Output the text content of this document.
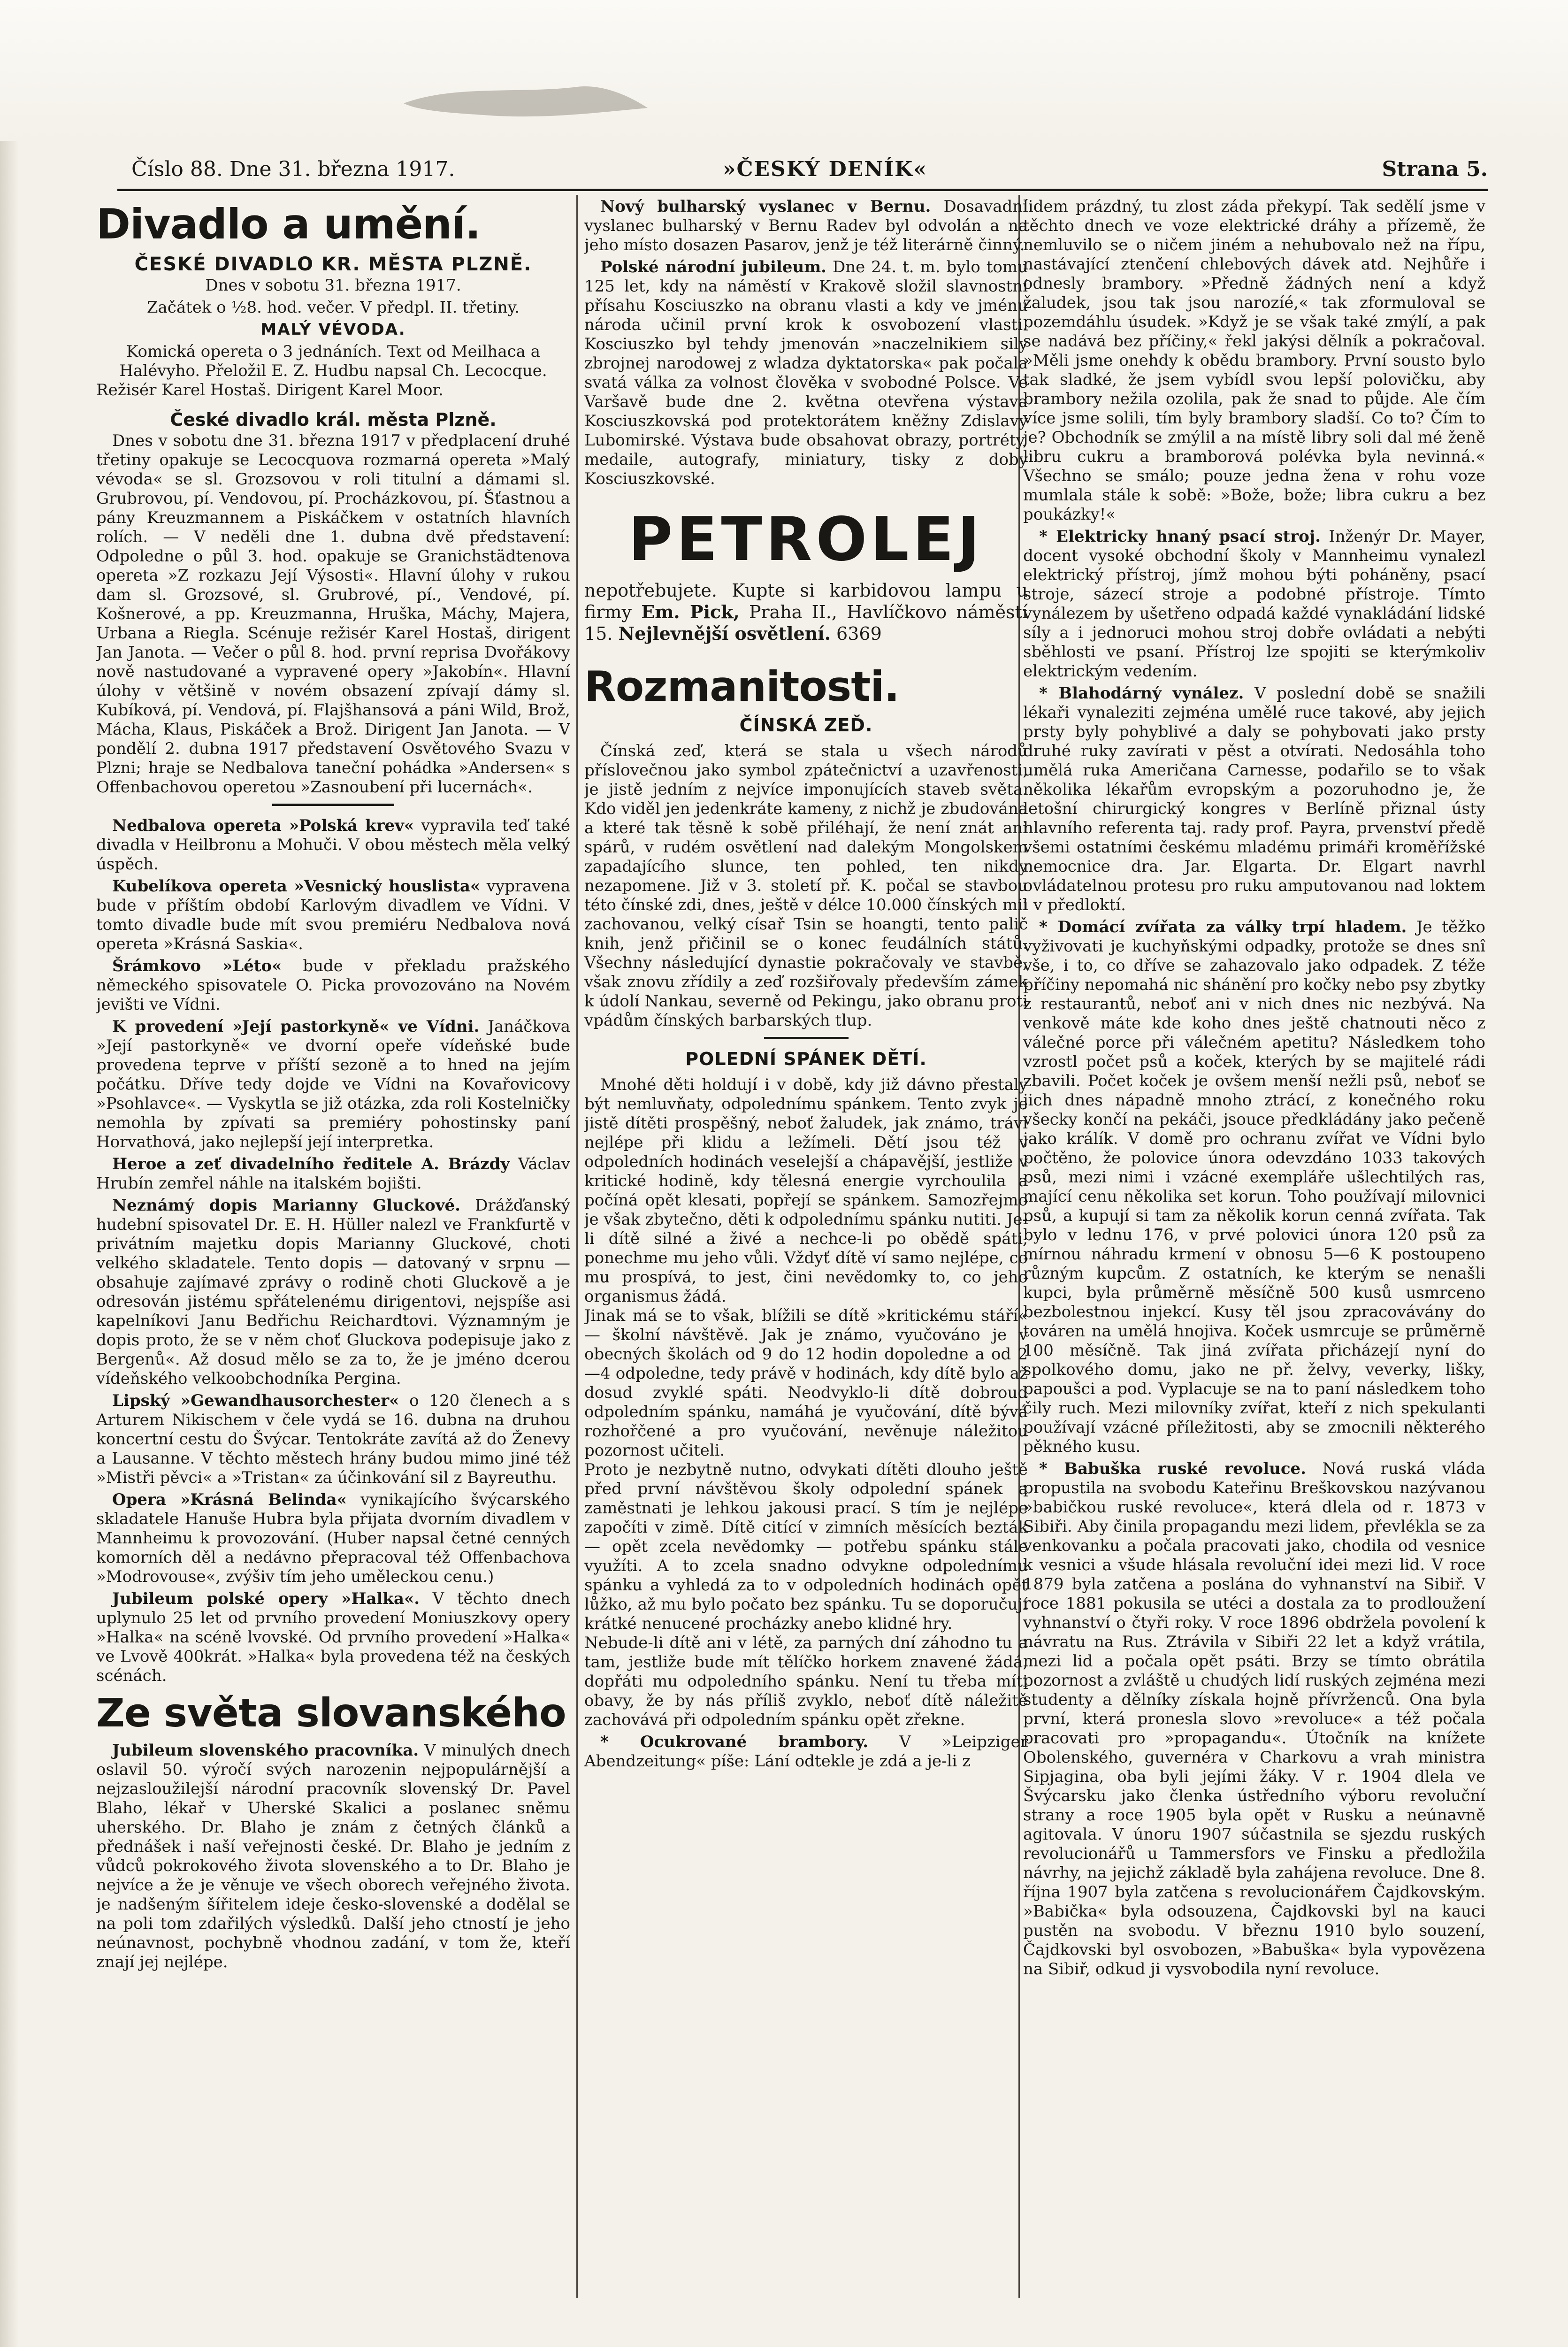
Číslo 88. Dne 31. března 1917.	»ČESKÝ DENÍK«	Strana 5.
Divadlo a umění.
ČESKÉ DIVADLO KR. MĚSTA PLZNĚ.

Dnes v sobotu 31. března 1917.

Začátek o ½8. hod. večer. V předpl. II. třetiny.

MALÝ VÉVODA.

Komická opereta o 3 jednáních. Text od Meilhaca a Halévyho. Přeložil E. Z. Hudbu napsal Ch. Lecocque.

Režisér Karel Hostaš. Dirigent Karel Moor.

České divadlo král. města Plzně.

Dnes v sobotu dne 31. března 1917 v předplacení druhé třetiny opakuje se Lecocquova rozmarná opereta »Malý vévoda« se sl. Grozsovou v roli titulní a dámami sl. Grubrovou, pí. Vendovou, pí. Procházkovou, pí. Šťastnou a pány Kreuzmannem a Piskáčkem v ostatních hlavních rolích. — V neděli dne 1. dubna dvě představení: Odpoledne o půl 3. hod. opakuje se Granichstädtenova opereta »Z rozkazu Její Výsosti«. Hlavní úlohy v rukou dam sl. Grozsové, sl. Grubrové, pí., Vendové, pí. Košnerové, a pp. Kreuzmanna, Hruška, Máchy, Majera, Urbana a Riegla. Scénuje režisér Karel Hostaš, dirigent Jan Janota. — Večer o půl 8. hod. první reprisa Dvořákovy nově nastudované a vypravené opery »Jakobín«. Hlavní úlohy v většině v novém obsazení zpívají dámy sl. Kubíková, pí. Vendová, pí. Flajšhansová a páni Wild, Brož, Mácha, Klaus, Piskáček a Brož. Dirigent Jan Janota. — V pondělí 2. dubna 1917 představení Osvětového Svazu v Plzni; hraje se Nedbalova taneční pohádka »Andersen« s Offenbachovou operetou »Zasnoubení při lucernách«.

Nedbalova opereta »Polská krev« vypravila teď také divadla v Heilbronu a Mohuči. V obou městech měla velký úspěch.

Kubelíkova opereta »Vesnický houslista« vypravena bude v příštím období Karlovým divadlem ve Vídni. V tomto divadle bude mít svou premiéru Nedbalova nová opereta »Krásná Saskia«.

Šrámkovo »Léto« bude v překladu pražského německého spisovatele O. Picka provozováno na Novém jevišti ve Vídni.

K provedení »Její pastorkyně« ve Vídni. Janáčkova »Její pastorkyně« ve dvorní opeře vídeňské bude provedena teprve v příští sezoně a to hned na jejím počátku. Dříve tedy dojde ve Vídni na Kovařovicovy »Psohlavce«. — Vyskytla se již otázka, zda roli Kostelničky nemohla by zpívati sa premiéry pohostinsky paní Horvathová, jako nejlepší její interpretka.

Heroe a zeť divadelního ředitele A. Brázdy Václav Hrubín zemřel náhle na italském bojišti.

Neznámý dopis Marianny Gluckové. Drážďanský hudební spisovatel Dr. E. H. Hüller nalezl ve Frankfurtě v privátním majetku dopis Marianny Gluckové, choti velkého skladatele. Tento dopis — datovaný v srpnu — obsahuje zajímavé zprávy o rodině choti Gluckově a je odresován jistému spřátelenému dirigentovi, nejspíše asi kapelníkovi Janu Bedřichu Reichardtovi. Významným je dopis proto, že se v něm choť Gluckova podepisuje jako z Bergenů«. Až dosud mělo se za to, že je jméno dcerou vídeňského velkoobchodníka Pergina.

Lipský »Gewandhausorchester« o 120 členech a s Arturem Nikischem v čele vydá se 16. dubna na druhou koncertní cestu do Švýcar. Tentokráte zavítá až do Ženevy a Lausanne. V těchto městech hrány budou mimo jiné též »Mistři pěvci« a »Tristan« za účinkování sil z Bayreuthu.

Opera »Krásná Belinda« vynikajícího švýcarského skladatele Hanuše Hubra byla přijata dvorním divadlem v Mannheimu k provozování. (Huber napsal četné cenných komorních děl a nedávno přepracoval též Offenbachova »Modrovouse«, zvýšiv tím jeho uměleckou cenu.)

Jubileum polské opery »Halka«. V těchto dnech uplynulo 25 let od prvního provedení Moniuszkovy opery »Halka« na scéně lvovské. Od prvního provedení »Halka« ve Lvově 400krát. »Halka« byla provedena též na českých scénách.

Ze světa slovanského

Jubileum slovenského pracovníka. V minulých dnech oslavil 50. výročí svých narozenin nejpopulárnější a nejzasloužilejší národní pracovník slovenský Dr. Pavel Blaho, lékař v Uherské Skalici a poslanec sněmu uherského. Dr. Blaho je znám z četných článků a přednášek i naší veřejnosti české. Dr. Blaho je jedním z vůdců pokrokového života slovenského a to Dr. Blaho je nejvíce a že je věnuje ve všech oborech veřejného života. je nadšeným šířitelem ideje česko-slovenské a dodělal se na poli tom zdařilých výsledků. Další jeho ctností je jeho neúnavnost, pochybně vhodnou zadání, v tom že, kteří znají jej nejlépe.

Nový bulharský vyslanec v Bernu. Dosavadní vyslanec bulharský v Bernu Radev byl odvolán a na jeho místo dosazen Pasarov, jenž je též literárně činný.

Polské národní jubileum. Dne 24. t. m. bylo tomu 125 let, kdy na náměstí v Krakově složil slavnostní přísahu Kosciuszko na obranu vlasti a kdy ve jménu národa učinil první krok k osvobození vlasti. Kosciuszko byl tehdy jmenován »naczelnikiem sily zbrojnej narodowej z wladza dyktatorska« pak počala svatá válka za volnost člověka v svobodné Polsce. Ve Varšavě bude dne 2. května otevřena výstava Kosciuszkovská pod protektorátem kněžny Zdislavy Lubomirské. Výstava bude obsahovat obrazy, portréty, medaile, autografy, miniatury, tisky z doby Kosciuszkovské.

PETROLEJ
nepotřebujete. Kupte si karbidovou lampu u firmy Em. Pick, Praha II., Havlíčkovo náměstí 15. Nejlevnější osvětlení. 6369
Rozmanitosti.
ČÍNSKÁ ZEĎ.

Čínská zeď, která se stala u všech národů příslovečnou jako symbol zpátečnictví a uzavřenosti, je jistě jedním z nejvíce imponujících staveb světa. Kdo viděl jen jedenkráte kameny, z nichž je zbudována a které tak těsně k sobě přiléhají, že není znát ani spárů, v rudém osvětlení nad dalekým Mongolskem zapadajícího slunce, ten pohled, ten nikdy nezapomene. Již v 3. století př. K. počal se stavbou této čínské zdi, dnes, ještě v délce 10.000 čínských mil zachovanou, velký císař Tsin se hoangti, tento palič knih, jenž přičinil se o konec feudálních států. Všechny následující dynastie pokračovaly ve stavbě, však znovu zřídily a zeď rozšiřovaly především zámek k údolí Nankau, severně od Pekingu, jako obranu proti vpádům čínských barbarských tlup.

POLEDNÍ SPÁNEK DĚTÍ.

Mnohé děti holdují i v době, kdy již dávno přestaly být nemluvňaty, odpolednímu spánkem. Tento zvyk je jistě dítěti prospěšný, neboť žaludek, jak známo, tráví nejlépe při klidu a ležímeli. Dětí jsou též v odpoledních hodinách veselejší a chápavější, jestliže v kritické hodině, kdy tělesná energie vyrchoulila a počíná opět klesati, popřejí se spánkem. Samozřejmo je však zbytečno, děti k odpolednímu spánku nutiti. Je-li dítě silné a živé a nechce-li po obědě spáti, ponechme mu jeho vůli. Vždyť dítě ví samo nejlépe, co mu prospívá, to jest, čini nevědomky to, co jeho organismus žádá.
Jinak má se to však, blížili se dítě »kritickému stáří« — školní návštěvě. Jak je známo, vyučováno je v obecných školách od 9 do 12 hodin dopoledne a od 2—4 odpoledne, tedy právě v hodinách, kdy dítě bylo až dosud zvyklé spáti. Neodvyklo-li dítě dobroud odpoledním spánku, namáhá je vyučování, dítě bývá rozhořčené a pro vyučování, nevěnuje náležitou pozornost učiteli.
Proto je nezbytně nutno, odvykati dítěti dlouho ještě před první návštěvou školy odpolední spánek a zaměstnati je lehkou jakousi prací. S tím je nejlépe započíti v zimě. Dítě citící v zimních měsících bezták — opět zcela nevědomky — potřebu spánku stále využíti. A to zcela snadno odvykne odpolednímu spánku a vyhledá za to v odpoledních hodinách opět lůžko, až mu bylo počato bez spánku. Tu se doporučují krátké nenucené procházky anebo klidné hry.
Nebude-li dítě ani v létě, za parných dní záhodno tu a tam, jestliže bude mít tělíčko horkem znavené žádá, dopřáti mu odpoledního spánku. Není tu třeba míti obavy, že by nás příliš zvyklo, neboť dítě náležitě zachovává při odpoledním spánku opět zřekne.

* Ocukrované brambory. V »Leipziger Abendzeitung« píše: Lání odtekle je zdá a je-li z

lidem prázdný, tu zlost záda překypí. Tak sedělí jsme v těchto dnech ve voze elektrické dráhy a přízemě, že nemluvilo se o ničem jiném a nehubovalo než na řípu, nastávající ztenčení chlebových dávek atd. Nejhůře i odnesly brambory. »Předně žádných není a když žaludek, jsou tak jsou narozíé,« tak zformuloval se pozemdáhlu úsudek. »Když je se však také zmýlí, a pak se nadává bez příčiny,« řekl jakýsi dělník a pokračoval. »Měli jsme onehdy k obědu brambory. První sousto bylo tak sladké, že jsem vybídl svou lepší polovičku, aby brambory nežila ozolila, pak že snad to půjde. Ale čím více jsme solili, tím byly brambory sladší. Co to? Čím to je? Obchodník se zmýlil a na místě libry soli dal mé ženě libru cukru a bramborová polévka byla nevinná.« Všechno se smálo; pouze jedna žena v rohu voze mumlala stále k sobě: »Bože, bože; libra cukru a bez poukázky!«

* Elektricky hnaný psací stroj. Inženýr Dr. Mayer, docent vysoké obchodní školy v Mannheimu vynalezl elektrický přístroj, jímž mohou býti poháněny, psací stroje, sázecí stroje a podobné přístroje. Tímto vynálezem by ušetřeno odpadá každé vynakládání lidské síly a i jednoruci mohou stroj dobře ovládati a nebýti sběhlosti ve psaní. Přístroj lze spojiti se kterýmkoliv elektrickým vedením.

* Blahodárný vynález. V poslední době se snažili lékaři vynaleziti zejména umělé ruce takové, aby jejich prsty byly pohyblivé a daly se pohybovati jako prsty druhé ruky zavírati v pěst a otvírati. Nedosáhla toho umělá ruka Američana Carnesse, podařilo se to však několika lékařům evropským a pozoruhodno je, že letošní chirurgický kongres v Berlíně přiznal ústy hlavního referenta taj. rady prof. Payra, prvenství předě všemi ostatními českému mladému primáři kroměřížské nemocnice dra. Jar. Elgarta. Dr. Elgart navrhl ovládatelnou protesu pro ruku amputovanou nad loktem i v předloktí.

* Domácí zvířata za války trpí hladem. Je těžko vyživovati je kuchyňskými odpadky, protože se dnes snî vše, i to, co dříve se zahazovalo jako odpadek. Z téže příčiny nepomahá nic shánění pro kočky nebo psy zbytky z restaurantů, neboť ani v nich dnes nic nezbývá. Na venkově máte kde koho dnes ještě chatnouti něco z válečné porce při válečném apetitu? Následkem toho vzrostl počet psů a koček, kterých by se majitelé rádi zbavili. Počet koček je ovšem menší nežli psů, neboť se jich dnes nápadně mnoho ztrácí, z konečného roku všecky končí na pekáči, jsouce předkládány jako pečeně jako králík. V domě pro ochranu zvířat ve Vídni bylo počtěno, že polovice února odevzdáno 1033 takových psů, mezi nimi i vzácné exempláře ušlechtilých ras, mající cenu několika set korun. Toho používají milovnici psů, a kupují si tam za několik korun cenná zvířata. Tak bylo v lednu 176, v prvé polovici února 120 psů za mírnou náhradu krmení v obnosu 5—6 K postoupeno různým kupcům. Z ostatních, ke kterým se nenašli kupci, byla průměrně měsíčně 500 kusů usmrceno bezbolestnou injekcí. Kusy těl jsou zpracovávány do továren na umělá hnojiva. Koček usmrcuje se průměrně 100 měsíčně. Tak jiná zvířata přicházejí nyní do spolkového domu, jako ne př. želvy, veverky, lišky, papoušci a pod. Vyplacuje se na to paní následkem toho čily ruch. Mezi milovníky zvířat, kteří z nich spekulanti používají vzácné příležitosti, aby se zmocnili některého pěkného kusu.

* Babuška ruské revoluce. Nová ruská vláda propustila na svobodu Kateřinu Breškovskou nazývanou »babičkou ruské revoluce«, která dlela od r. 1873 v Sibiři. Aby činila propagandu mezi lidem, převlékla se za venkovanku a počala pracovati jako, chodila od vesnice k vesnici a všude hlásala revoluční idei mezi lid. V roce 1879 byla zatčena a poslána do vyhnanství na Sibiř. V roce 1881 pokusila se utéci a dostala za to prodloužení vyhnanství o čtyři roky. V roce 1896 obdržela povolení k návratu na Rus. Ztrávila v Sibiři 22 let a když vrátila, mezi lid a počala opět psáti. Brzy se tímto obrátila pozornost a zvláště u chudých lidí ruských zejména mezi studenty a dělníky získala hojně přívrženců. Ona byla první, která pronesla slovo »revoluce« a též počala pracovati pro »propagandu«. Útočník na knížete Obolenského, guvernéra v Charkovu a vrah ministra Sipjagina, oba byli jejími žáky. V r. 1904 dlela ve Švýcarsku jako členka ústředního výboru revoluční strany a roce 1905 byla opět v Rusku a neúnavně agitovala. V únoru 1907 súčastnila se sjezdu ruských revolucionářů u Tammersfors ve Finsku a předložila návrhy, na jejichž základě byla zahájena revoluce. Dne 8. října 1907 byla zatčena s revolucionářem Čajdkovským. »Babička« byla odsouzena, Čajdkovski byl na kauci pustěn na svobodu. V březnu 1910 bylo souzení, Čajdkovski byl osvobozen, »Babuška« byla vypovězena na Sibiř, odkud ji vysvobodila nyní revoluce.
